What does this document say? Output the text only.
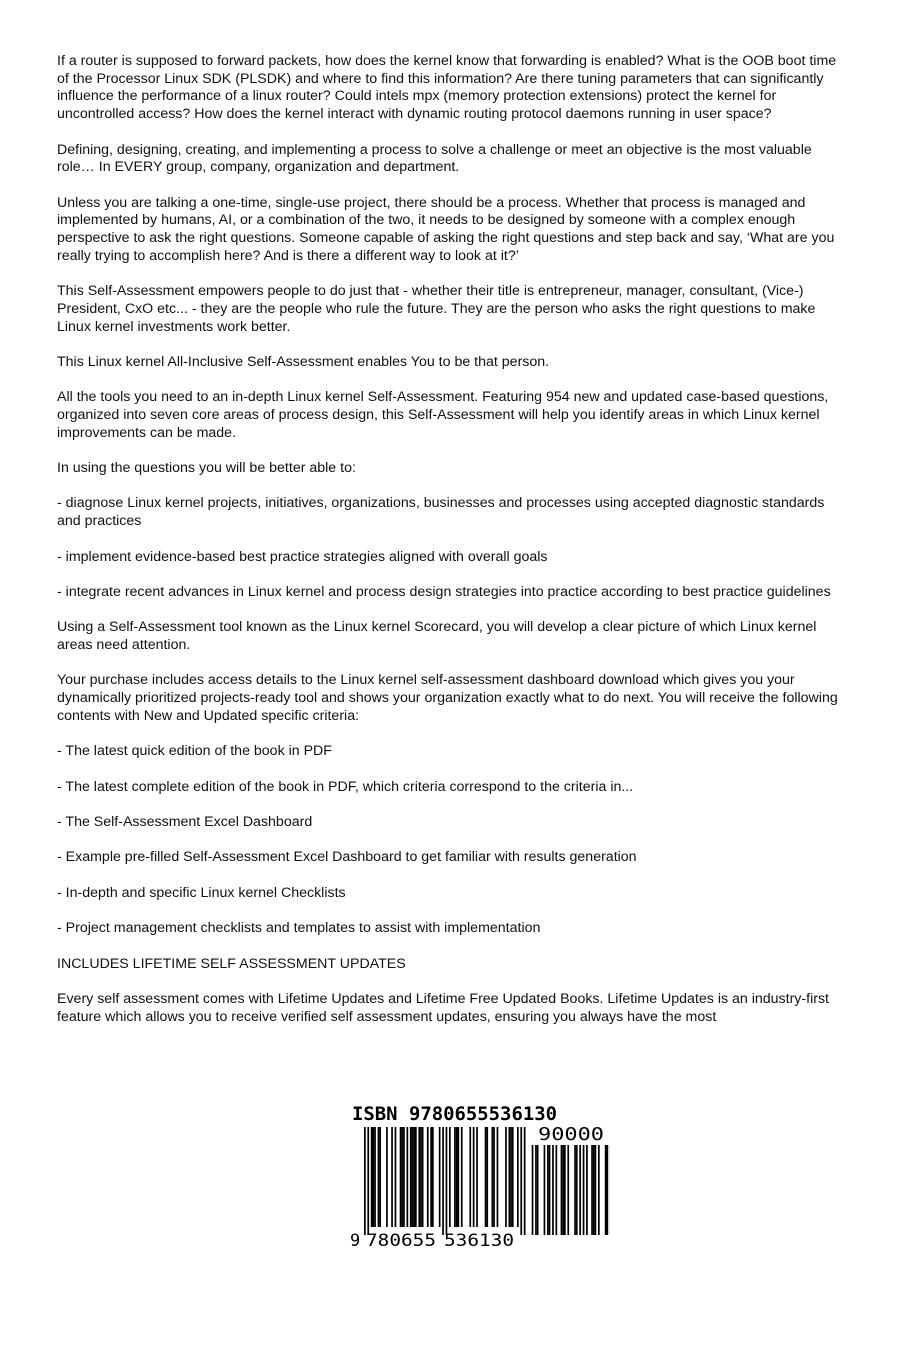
If a router is supposed to forward packets, how does the kernel know that forwarding is enabled? What is the OOB boot time of the Processor Linux SDK (PLSDK) and where to find this information? Are there tuning parameters that can significantly influence the performance of a linux router? Could intels mpx (memory protection extensions) protect the kernel for uncontrolled access? How does the kernel interact with dynamic routing protocol daemons running in user space?

Defining, designing, creating, and implementing a process to solve a challenge or meet an objective is the most valuable role… In EVERY group, company, organization and department.

Unless you are talking a one-time, single-use project, there should be a process. Whether that process is managed and implemented by humans, AI, or a combination of the two, it needs to be designed by someone with a complex enough perspective to ask the right questions. Someone capable of asking the right questions and step back and say, ‘What are you really trying to accomplish here? And is there a different way to look at it?’

This Self-Assessment empowers people to do just that - whether their title is entrepreneur, manager, consultant, (Vice-) President, CxO etc... - they are the people who rule the future. They are the person who asks the right questions to make Linux kernel investments work better.

This Linux kernel All-Inclusive Self-Assessment enables You to be that person.

All the tools you need to an in-depth Linux kernel Self-Assessment. Featuring 954 new and updated case-based questions, organized into seven core areas of process design, this Self-Assessment will help you identify areas in which Linux kernel improvements can be made.

In using the questions you will be better able to:

- diagnose Linux kernel projects, initiatives, organizations, businesses and processes using accepted diagnostic standards and practices

- implement evidence-based best practice strategies aligned with overall goals

- integrate recent advances in Linux kernel and process design strategies into practice according to best practice guidelines

Using a Self-Assessment tool known as the Linux kernel Scorecard, you will develop a clear picture of which Linux kernel areas need attention.

Your purchase includes access details to the Linux kernel self-assessment dashboard download which gives you your dynamically prioritized projects-ready tool and shows your organization exactly what to do next. You will receive the following contents with New and Updated specific criteria:

- The latest quick edition of the book in PDF

- The latest complete edition of the book in PDF, which criteria correspond to the criteria in...

- The Self-Assessment Excel Dashboard

- Example pre-filled Self-Assessment Excel Dashboard to get familiar with results generation

- In-depth and specific Linux kernel Checklists

- Project management checklists and templates to assist with implementation

INCLUDES LIFETIME SELF ASSESSMENT UPDATES

Every self assessment comes with Lifetime Updates and Lifetime Free Updated Books. Lifetime Updates is an industry-first feature which allows you to receive verified self assessment updates, ensuring you always have the most

ISBN 9780655536130
90000
9 780655 536130
